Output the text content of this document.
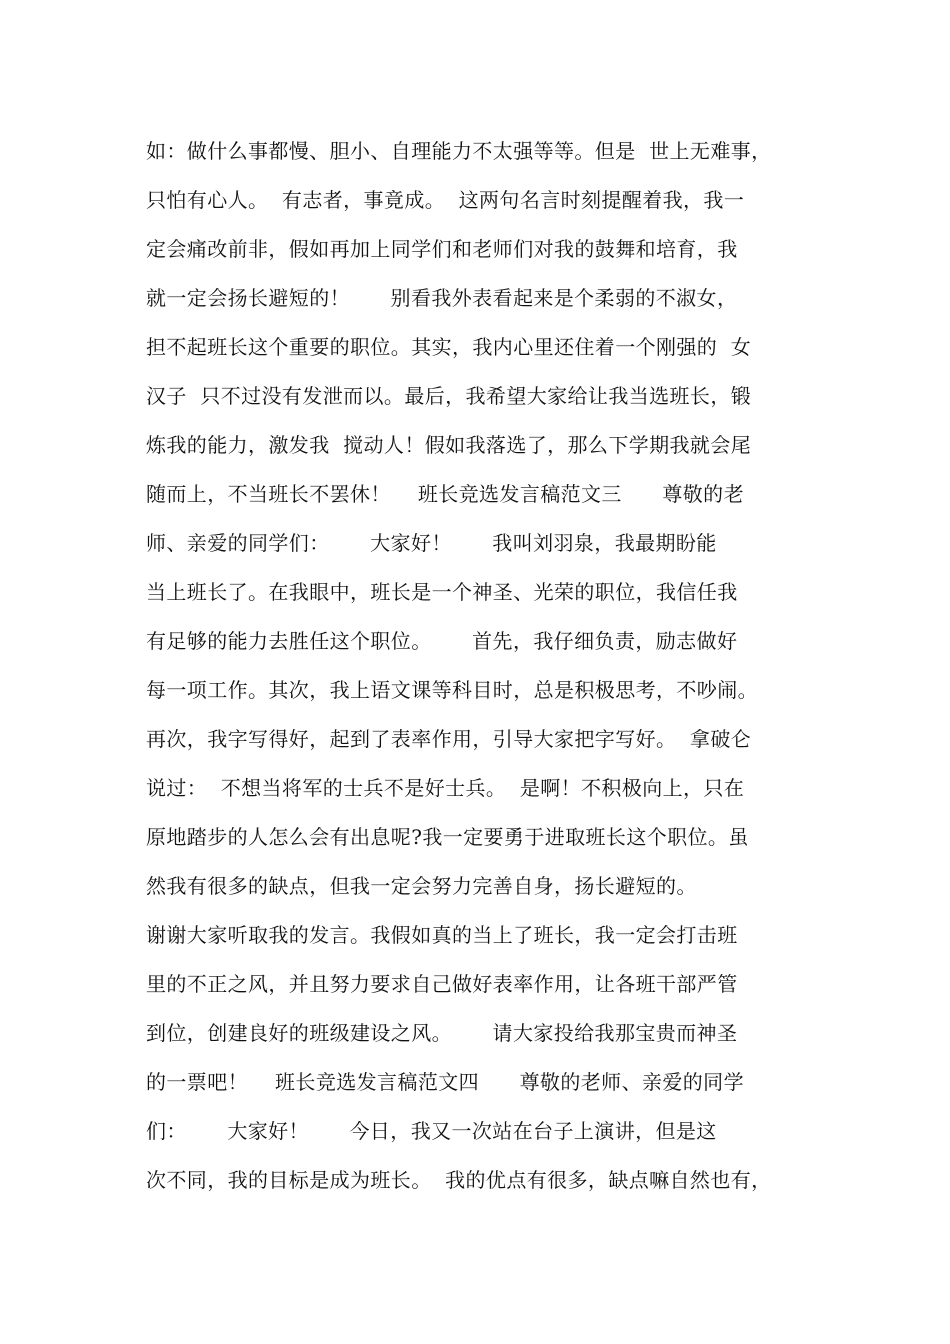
如：做什么事都慢、胆小、自理能力不太强等等。但是  世上无难事，
只怕有心人。  有志者，事竟成。  这两句名言时刻提醒着我，我一
定会痛改前非，假如再加上同学们和老师们对我的鼓舞和培育，我
就一定会扬长避短的！      别看我外表看起来是个柔弱的不淑女，
担不起班长这个重要的职位。其实，我内心里还住着一个刚强的  女
汉子  只不过没有发泄而以。最后，我希望大家给让我当选班长，锻
炼我的能力，激发我  搅动人！假如我落选了，那么下学期我就会尾
随而上，不当班长不罢休！    班长竞选发言稿范文三      尊敬的老
师、亲爱的同学们：      大家好！      我叫刘羽泉，我最期盼能
当上班长了。在我眼中，班长是一个神圣、光荣的职位，我信任我
有足够的能力去胜任这个职位。      首先，我仔细负责，励志做好
每一项工作。其次，我上语文课等科目时，总是积极思考，不吵闹。
再次，我字写得好，起到了表率作用，引导大家把字写好。  拿破仑
说过：  不想当将军的士兵不是好士兵。  是啊！不积极向上，只在
原地踏步的人怎么会有出息呢?我一定要勇于进取班长这个职位。虽
然我有很多的缺点，但我一定会努力完善自身，扬长避短的。
谢谢大家听取我的发言。我假如真的当上了班长，我一定会打击班
里的不正之风，并且努力要求自己做好表率作用，让各班干部严管
到位，创建良好的班级建设之风。      请大家投给我那宝贵而神圣
的一票吧！    班长竞选发言稿范文四      尊敬的老师、亲爱的同学
们：      大家好！      今日，我又一次站在台子上演讲，但是这
次不同，我的目标是成为班长。  我的优点有很多，缺点嘛自然也有，
